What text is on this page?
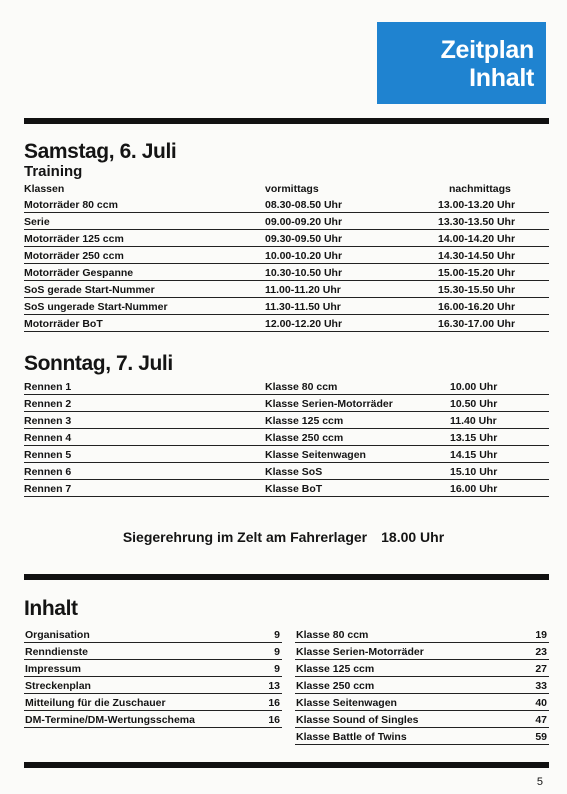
Zeitplan
Inhalt
Samstag, 6. Juli
Training
Klassen	vormittags	nachmittags
Motorräder 80 ccm	08.30-08.50 Uhr	13.00-13.20 Uhr
Serie	09.00-09.20 Uhr	13.30-13.50 Uhr
Motorräder 125 ccm	09.30-09.50 Uhr	14.00-14.20 Uhr
Motorräder 250 ccm	10.00-10.20 Uhr	14.30-14.50 Uhr
Motorräder Gespanne	10.30-10.50 Uhr	15.00-15.20 Uhr
SoS gerade Start-Nummer	11.00-11.20 Uhr	15.30-15.50 Uhr
SoS ungerade Start-Nummer	11.30-11.50 Uhr	16.00-16.20 Uhr
Motorräder BoT	12.00-12.20 Uhr	16.30-17.00 Uhr
Sonntag, 7. Juli
Rennen 1	Klasse 80 ccm	10.00 Uhr
Rennen 2	Klasse Serien-Motorräder	10.50 Uhr
Rennen 3	Klasse 125 ccm	11.40 Uhr
Rennen 4	Klasse 250 ccm	13.15 Uhr
Rennen 5	Klasse Seitenwagen	14.15 Uhr
Rennen 6	Klasse SoS	15.10 Uhr
Rennen 7	Klasse BoT	16.00 Uhr
Siegerehrung im Zelt am Fahrerlager 18.00 Uhr
Inhalt
Organisation	9
Renndienste	9
Impressum	9
Streckenplan	13
Mitteilung für die Zuschauer	16
DM-Termine/DM-Wertungsschema	16
Klasse 80 ccm	19
Klasse Serien-Motorräder	23
Klasse 125 ccm	27
Klasse 250 ccm	33
Klasse Seitenwagen	40
Klasse Sound of Singles	47
Klasse Battle of Twins	59
5
